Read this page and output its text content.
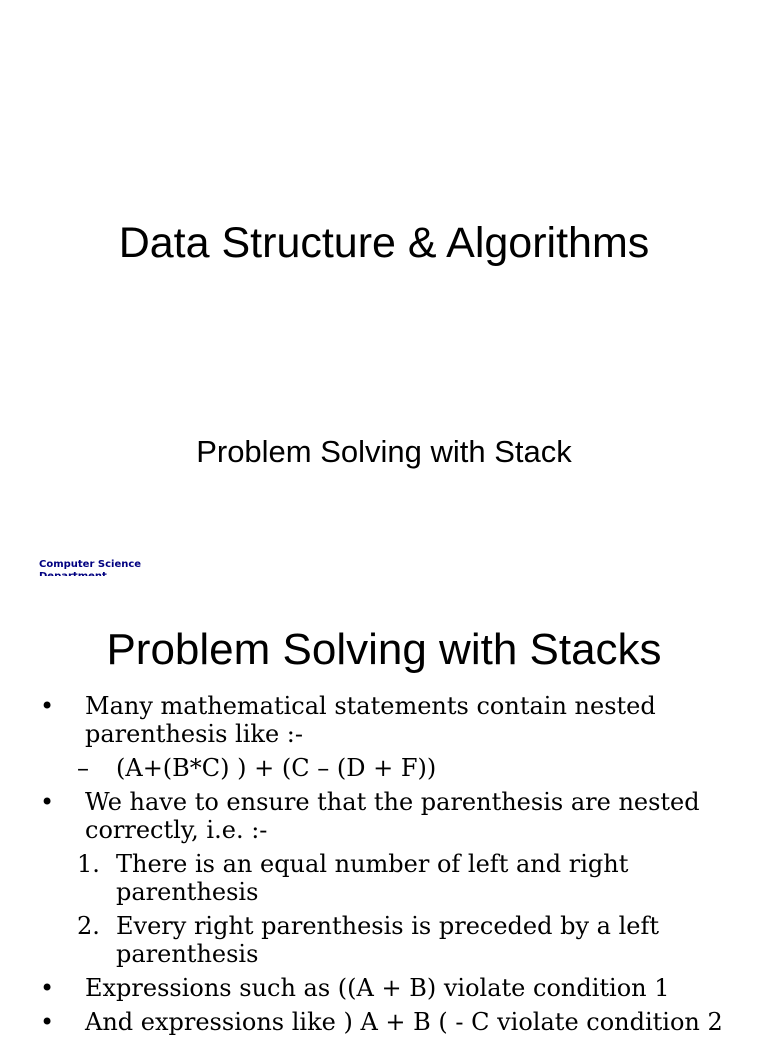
Data Structure & Algorithms
Problem Solving with Stack
Computer Science
Problem Solving with Stacks
• Many mathematical statements contain nested parenthesis like :-
– (A+(B*C) ) + (C – (D + F))
• We have to ensure that the parenthesis are nested correctly, i.e. :-
1. There is an equal number of left and right parenthesis
2. Every right parenthesis is preceded by a left parenthesis
• Expressions such as ((A + B) violate condition 1
• And expressions like ) A + B ( - C violate condition 2
